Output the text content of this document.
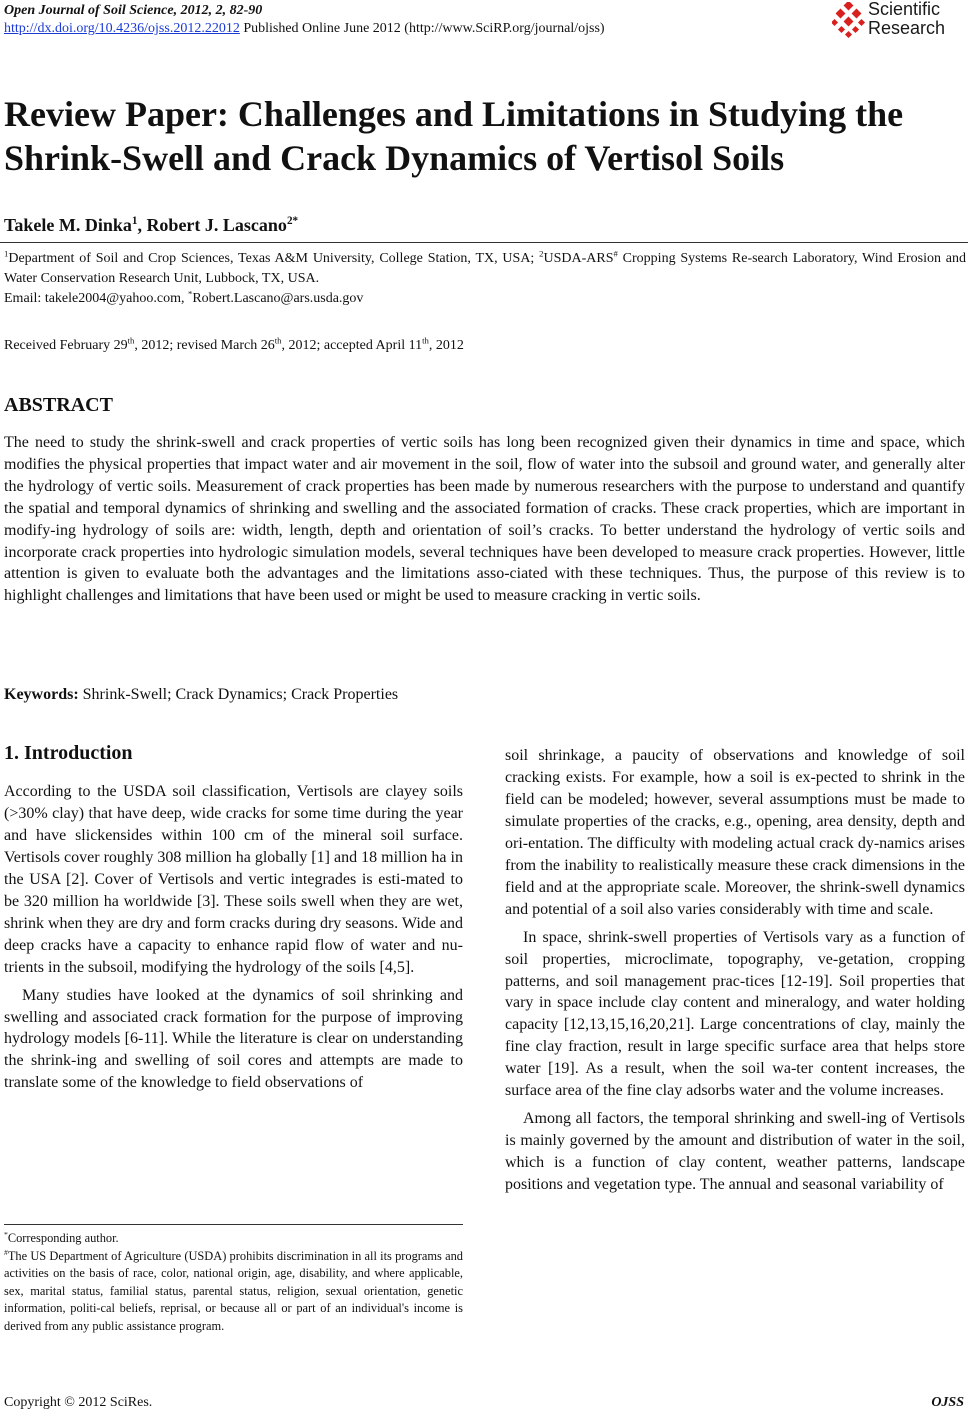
Open Journal of Soil Science, 2012, 2, 82-90
http://dx.doi.org/10.4236/ojss.2012.22012 Published Online June 2012 (http://www.SciRP.org/journal/ojss)
Scientific
Research
Review Paper: Challenges and Limitations in Studying the Shrink-Swell and Crack Dynamics of Vertisol Soils
Takele M. Dinka$^1$, Robert J. Lascano$^{2*}$
$^1$Department of Soil and Crop Sciences, Texas A&M University, College Station, TX, USA; $^2$USDA-ARS# Cropping Systems Re-search Laboratory, Wind Erosion and Water Conservation Research Unit, Lubbock, TX, USA.
Email: takele2004@yahoo.com, *Robert.Lascano@ars.usda.gov
Received February 29th, 2012; revised March 26th, 2012; accepted April 11th, 2012
ABSTRACT
The need to study the shrink-swell and crack properties of vertic soils has long been recognized given their dynamics in time and space, which modifies the physical properties that impact water and air movement in the soil, flow of water into the subsoil and ground water, and generally alter the hydrology of vertic soils. Measurement of crack properties has been made by numerous researchers with the purpose to understand and quantify the spatial and temporal dynamics of shrinking and swelling and the associated formation of cracks. These crack properties, which are important in modify-ing hydrology of soils are: width, length, depth and orientation of soil’s cracks. To better understand the hydrology of vertic soils and incorporate crack properties into hydrologic simulation models, several techniques have been developed to measure crack properties. However, little attention is given to evaluate both the advantages and the limitations asso-ciated with these techniques. Thus, the purpose of this review is to highlight challenges and limitations that have been used or might be used to measure cracking in vertic soils.
Keywords: Shrink-Swell; Crack Dynamics; Crack Properties
1. Introduction

According to the USDA soil classification, Vertisols are clayey soils (>30% clay) that have deep, wide cracks for some time during the year and have slickensides within 100 cm of the mineral soil surface. Vertisols cover roughly 308 million ha globally [1] and 18 million ha in the USA [2]. Cover of Vertisols and vertic integrades is esti-mated to be 320 million ha worldwide [3]. These soils swell when they are wet, shrink when they are dry and form cracks during dry seasons. Wide and deep cracks have a capacity to enhance rapid flow of water and nu-trients in the subsoil, modifying the hydrology of the soils [4,5].

Many studies have looked at the dynamics of soil shrinking and swelling and associated crack formation for the purpose of improving hydrology models [6-11]. While the literature is clear on understanding the shrink-ing and swelling of soil cores and attempts are made to translate some of the knowledge to field observations of

soil shrinkage, a paucity of observations and knowledge of soil cracking exists. For example, how a soil is ex-pected to shrink in the field can be modeled; however, several assumptions must be made to simulate properties of the cracks, e.g., opening, area density, depth and ori-entation. The difficulty with modeling actual crack dy-namics arises from the inability to realistically measure these crack dimensions in the field and at the appropriate scale. Moreover, the shrink-swell dynamics and potential of a soil also varies considerably with time and scale.

In space, shrink-swell properties of Vertisols vary as a function of soil properties, microclimate, topography, ve-getation, cropping patterns, and soil management prac-tices [12-19]. Soil properties that vary in space include clay content and mineralogy, and water holding capacity [12,13,15,16,20,21]. Large concentrations of clay, mainly the fine clay fraction, result in large specific surface area that helps store water [19]. As a result, when the soil wa-ter content increases, the surface area of the fine clay adsorbs water and the volume increases.

Among all factors, the temporal shrinking and swell-ing of Vertisols is mainly governed by the amount and distribution of water in the soil, which is a function of clay content, weather patterns, landscape positions and vegetation type. The annual and seasonal variability of

*Corresponding author.
#The US Department of Agriculture (USDA) prohibits discrimination in all its programs and activities on the basis of race, color, national origin, age, disability, and where applicable, sex, marital status, familial status, parental status, religion, sexual orientation, genetic information, politi-cal beliefs, reprisal, or because all or part of an individual's income is derived from any public assistance program.
Copyright © 2012 SciRes.	OJSS
